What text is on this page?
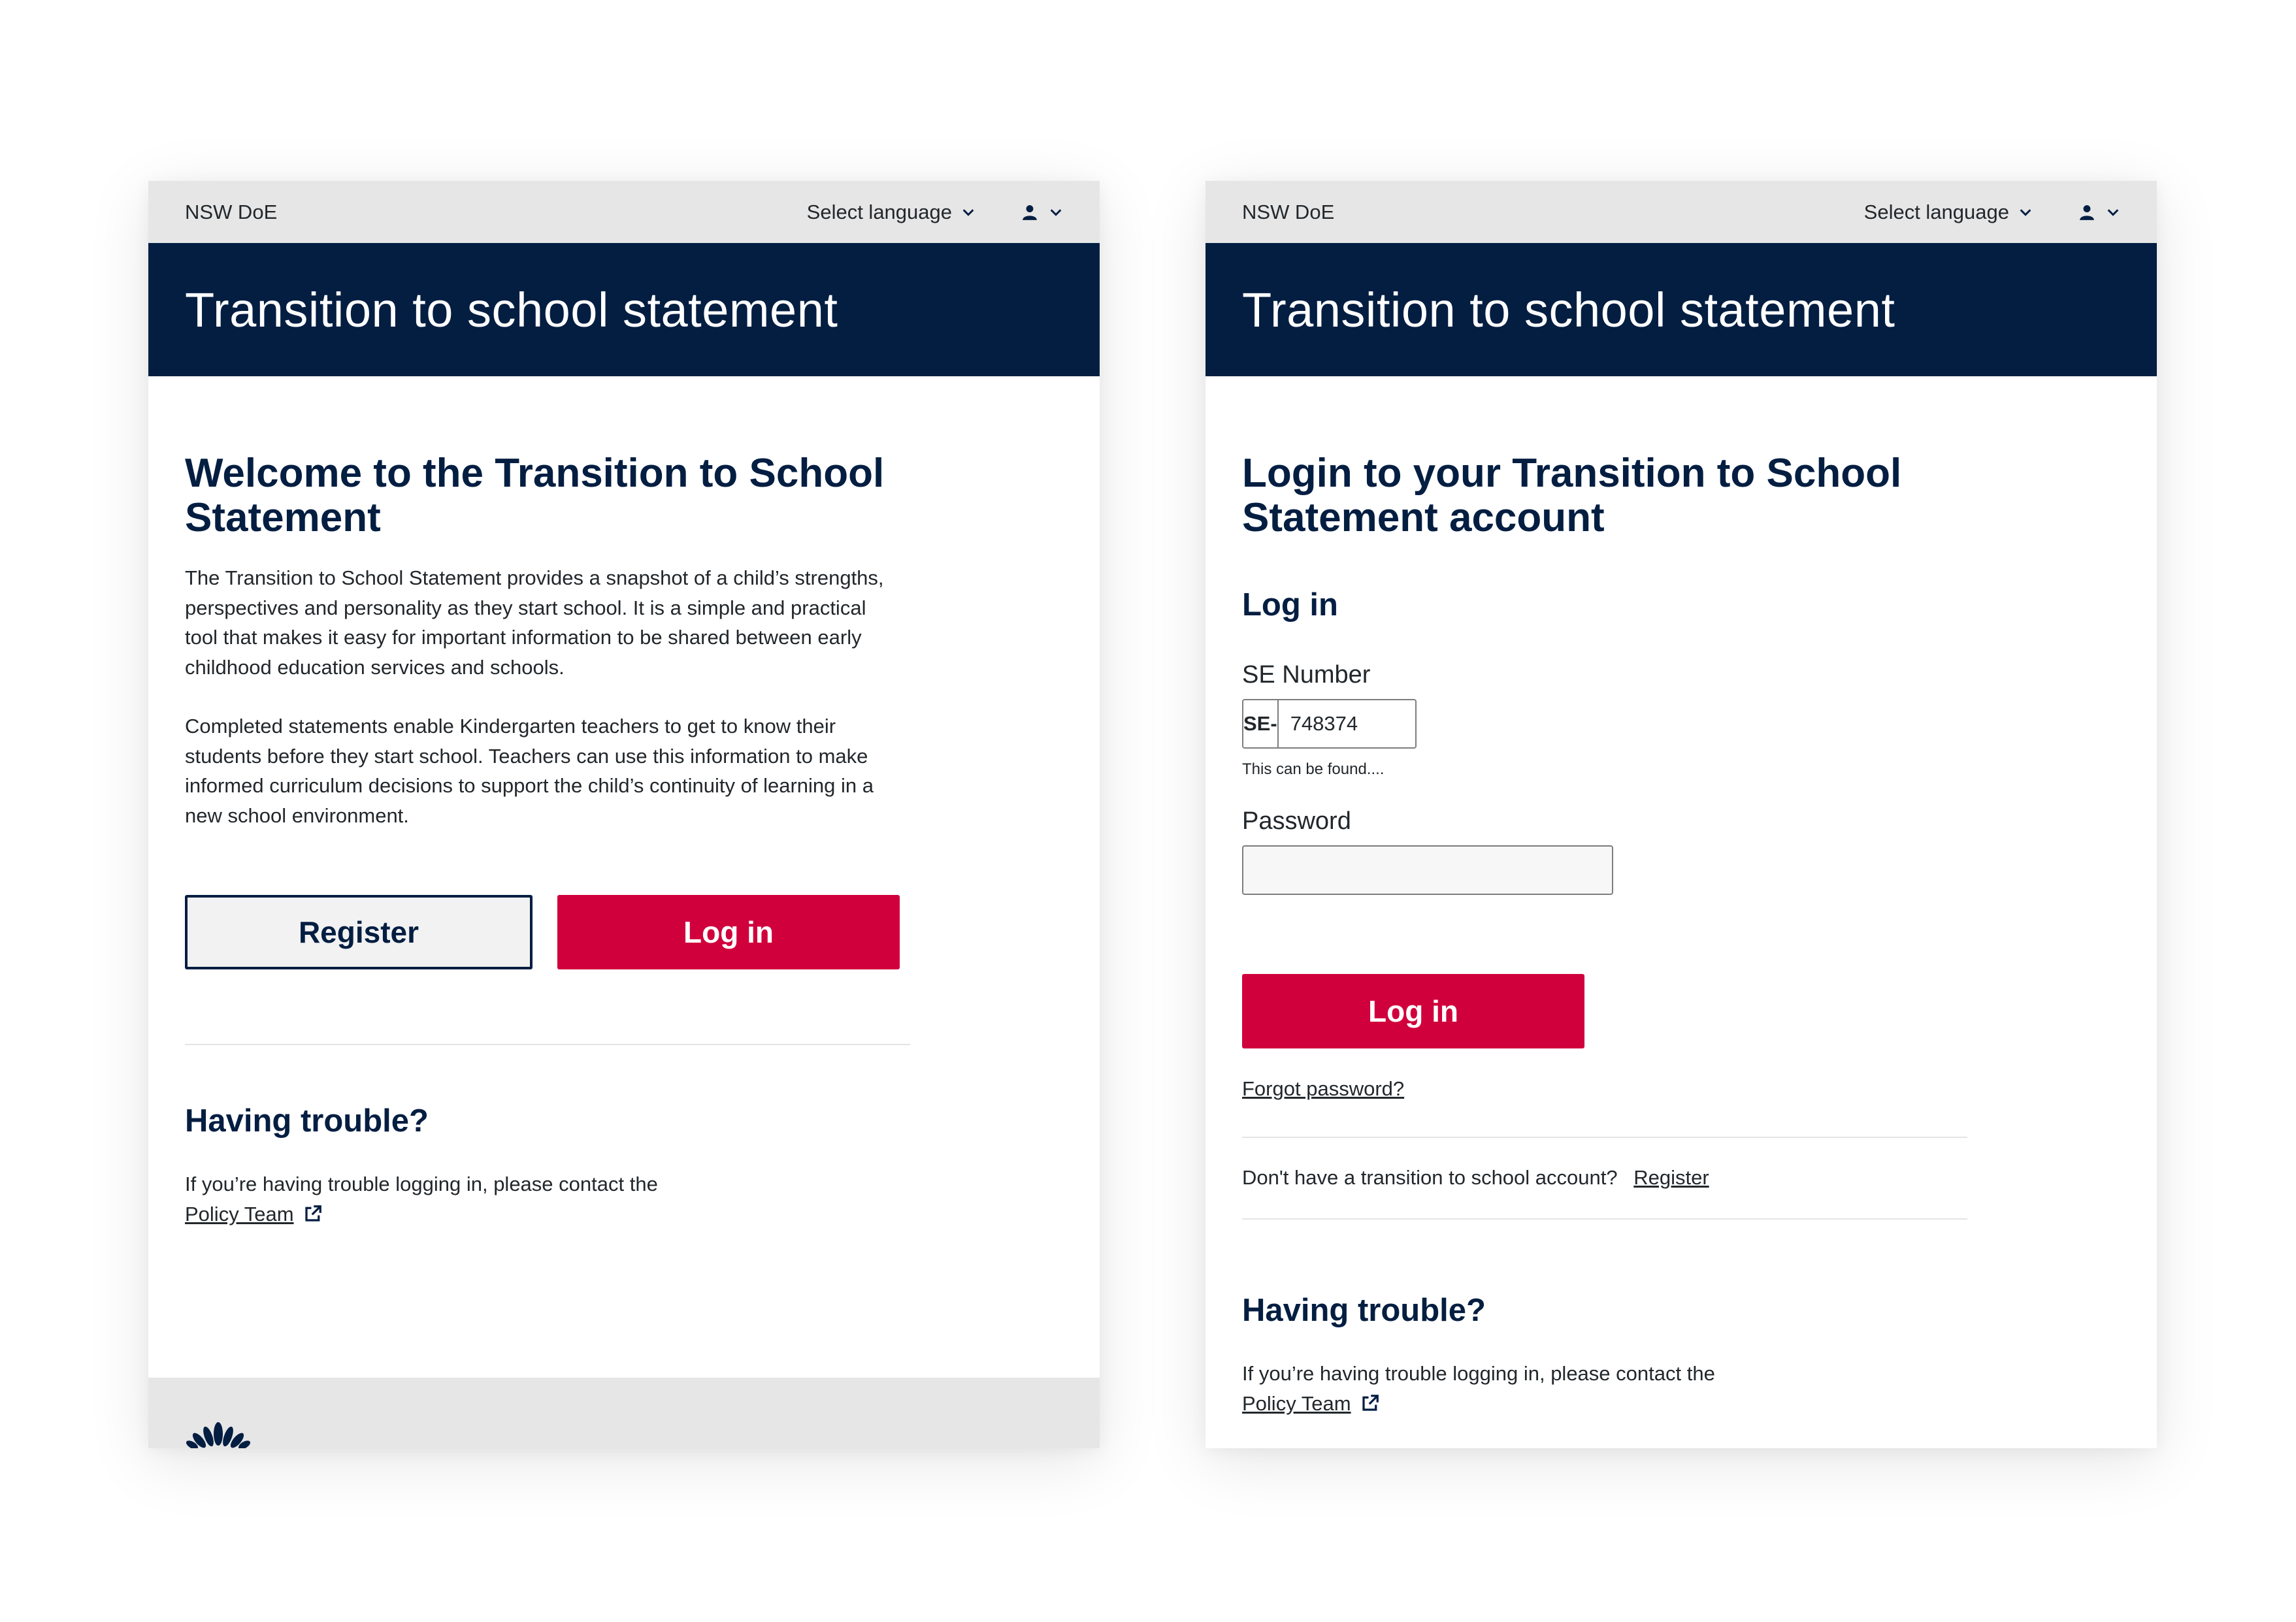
NSW DoE	Select language
Transition to school statement
Welcome to the Transition to School Statement

The Transition to School Statement provides a snapshot of a child’s strengths, perspectives and personality as they start school. It is a simple and practical tool that makes it easy for important information to be shared between early childhood education services and schools.

Completed statements enable Kindergarten teachers to get to know their students before they start school. Teachers can use this information to make informed curriculum decisions to support the child’s continuity of learning in a new school environment.

Register	Log in
Having trouble?

If you’re having trouble logging in, please contact the

Policy Team
NSW DoE	Select language
Transition to school statement
Login to your Transition to School Statement account
Log in
SE Number
SE-
748374
This can be found....
Password
Log in
Forgot password?
Don't have a transition to school account? Register
Having trouble?

If you’re having trouble logging in, please contact the

Policy Team
